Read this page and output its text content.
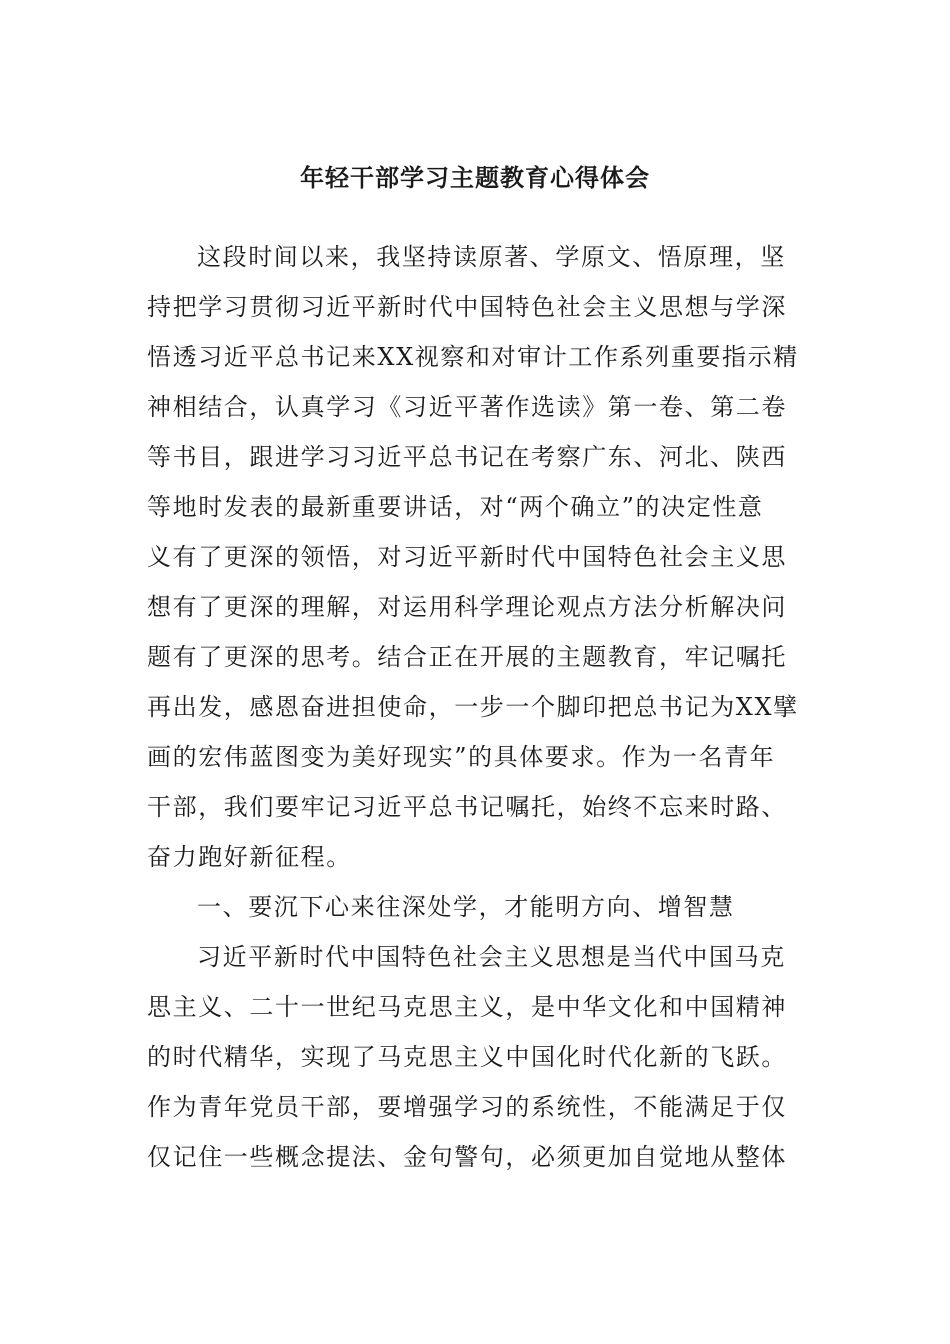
年轻干部学习主题教育心得体会
这段时间以来，我坚持读原著、学原文、悟原理，坚
持把学习贯彻习近平新时代中国特色社会主义思想与学深
悟透习近平总书记来XX视察和对审计工作系列重要指示精
神相结合，认真学习《习近平著作选读》第一卷、第二卷
等书目，跟进学习习近平总书记在考察广东、河北、陕西
等地时发表的最新重要讲话，对“两个确立”的决定性意
义有了更深的领悟，对习近平新时代中国特色社会主义思
想有了更深的理解，对运用科学理论观点方法分析解决问
题有了更深的思考。结合正在开展的主题教育，牢记嘱托
再出发，感恩奋进担使命，一步一个脚印把总书记为XX擘
画的宏伟蓝图变为美好现实”的具体要求。作为一名青年
干部，我们要牢记习近平总书记嘱托，始终不忘来时路、
奋力跑好新征程。
一、要沉下心来往深处学，才能明方向、增智慧
习近平新时代中国特色社会主义思想是当代中国马克
思主义、二十一世纪马克思主义，是中华文化和中国精神
的时代精华，实现了马克思主义中国化时代化新的飞跃。
作为青年党员干部，要增强学习的系统性，不能满足于仅
仅记住一些概念提法、金句警句，必须更加自觉地从整体
